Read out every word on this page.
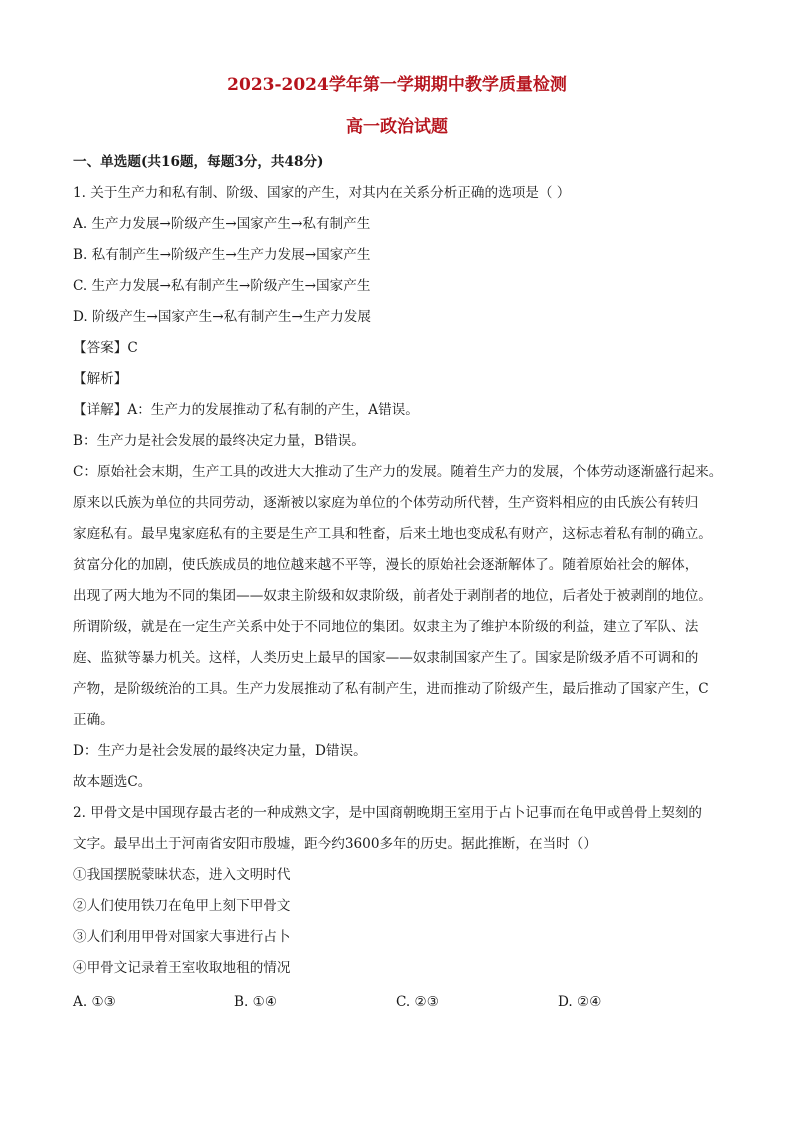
2023-2024学年第一学期期中教学质量检测
高一政治试题
一、单选题(共16题，每题3分，共48分)
1. 关于生产力和私有制、阶级、国家的产生，对其内在关系分析正确的选项是（ ）
A. 生产力发展→阶级产生→国家产生→私有制产生
B. 私有制产生→阶级产生→生产力发展→国家产生
C. 生产力发展→私有制产生→阶级产生→国家产生
D. 阶级产生→国家产生→私有制产生→生产力发展
【答案】C
【解析】
【详解】A：生产力的发展推动了私有制的产生，A错误。
B：生产力是社会发展的最终决定力量，B错误。
C：原始社会末期，生产工具的改进大大推动了生产力的发展。随着生产力的发展，个体劳动逐渐盛行起来。
原来以氏族为单位的共同劳动，逐渐被以家庭为单位的个体劳动所代替，生产资料相应的由氏族公有转归
家庭私有。最早鬼家庭私有的主要是生产工具和牲畜，后来土地也变成私有财产，这标志着私有制的确立。
贫富分化的加剧，使氏族成员的地位越来越不平等，漫长的原始社会逐渐解体了。随着原始社会的解体，
出现了两大地为不同的集团——奴隶主阶级和奴隶阶级，前者处于剥削者的地位，后者处于被剥削的地位。
所谓阶级，就是在一定生产关系中处于不同地位的集团。奴隶主为了维护本阶级的利益，建立了军队、法
庭、监狱等暴力机关。这样，人类历史上最早的国家——奴隶制国家产生了。国家是阶级矛盾不可调和的
产物，是阶级统治的工具。生产力发展推动了私有制产生，进而推动了阶级产生，最后推动了国家产生，C
正确。
D：生产力是社会发展的最终决定力量，D错误。
故本题选C。
2. 甲骨文是中国现存最古老的一种成熟文字，是中国商朝晚期王室用于占卜记事而在龟甲或兽骨上契刻的
文字。最早出土于河南省安阳市殷墟，距今约3600多年的历史。据此推断，在当时（）
①我国摆脱蒙昧状态，进入文明时代
②人们使用铁刀在龟甲上刻下甲骨文
③人们利用甲骨对国家大事进行占卜
④甲骨文记录着王室收取地租的情况
A. ①③	B. ①④	C. ②③	D. ②④
